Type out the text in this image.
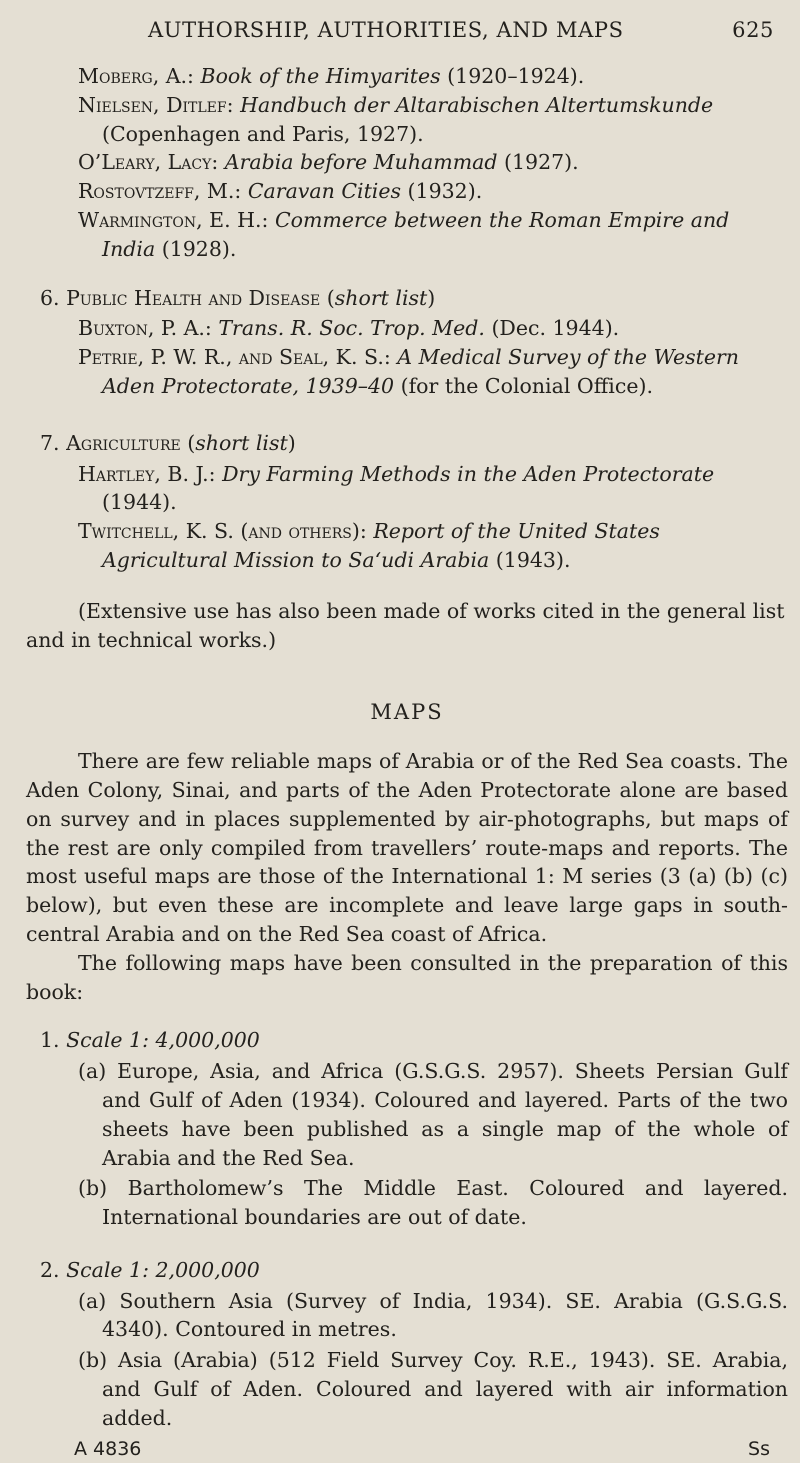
AUTHORSHIP, AUTHORITIES, AND MAPS	625
Moberg, A.: Book of the Himyarites (1920–1924).
Nielsen, Ditlef: Handbuch der Altarabischen Altertumskunde (Copenhagen and Paris, 1927).
O’Leary, Lacy: Arabia before Muhammad (1927).
Rostovtzeff, M.: Caravan Cities (1932).
Warmington, E. H.: Commerce between the Roman Empire and India (1928).
6. Public Health and Disease (short list)
Buxton, P. A.: Trans. R. Soc. Trop. Med. (Dec. 1944).
Petrie, P. W. R., and Seal, K. S.: A Medical Survey of the Western Aden Protectorate, 1939–40 (for the Colonial Office).
7. Agriculture (short list)
Hartley, B. J.: Dry Farming Methods in the Aden Protectorate (1944).
Twitchell, K. S. (and others): Report of the United States Agricultural Mission to Sa‘udi Arabia (1943).
(Extensive use has also been made of works cited in the general list and in technical works.)
MAPS
There are few reliable maps of Arabia or of the Red Sea coasts. The Aden Colony, Sinai, and parts of the Aden Protectorate alone are based on survey and in places supplemented by air-photographs, but maps of the rest are only compiled from travellers’ route-maps and reports. The most useful maps are those of the International 1: M series (3 (a) (b) (c) below), but even these are incomplete and leave large gaps in south-central Arabia and on the Red Sea coast of Africa.
The following maps have been consulted in the preparation of this book:
1. Scale 1: 4,000,000
(a) Europe, Asia, and Africa (G.S.G.S. 2957). Sheets Persian Gulf and Gulf of Aden (1934). Coloured and layered. Parts of the two sheets have been published as a single map of the whole of Arabia and the Red Sea.
(b) Bartholomew’s The Middle East. Coloured and layered. International boundaries are out of date.
2. Scale 1: 2,000,000
(a) Southern Asia (Survey of India, 1934). SE. Arabia (G.S.G.S. 4340). Contoured in metres.
(b) Asia (Arabia) (512 Field Survey Coy. R.E., 1943). SE. Arabia, and Gulf of Aden. Coloured and layered with air information added.
A 4836	Ss
